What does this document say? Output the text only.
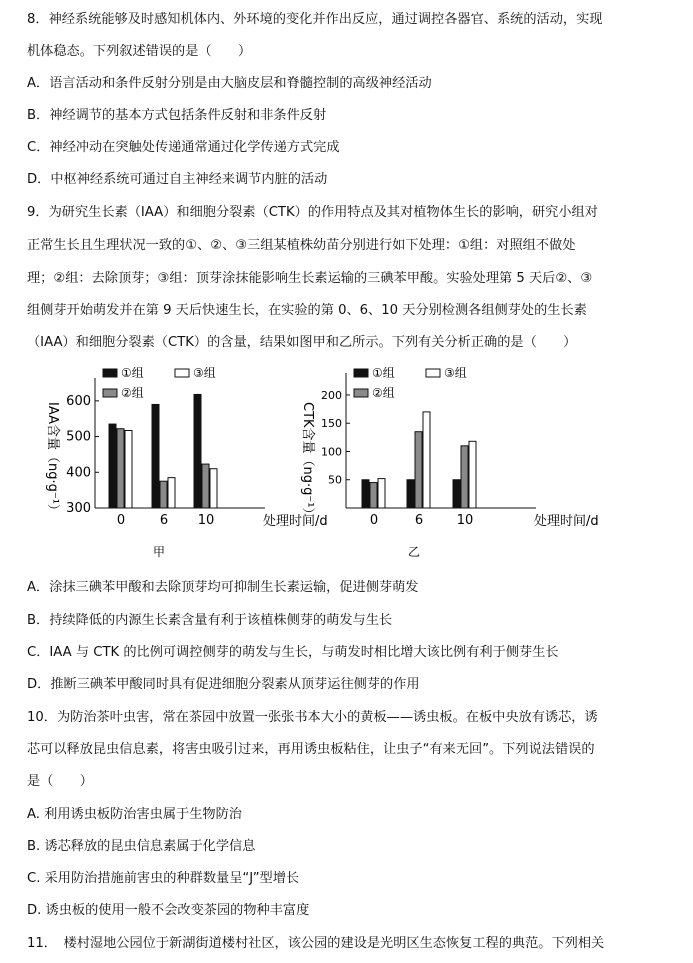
8．神经系统能够及时感知机体内、外环境的变化并作出反应，通过调控各器官、系统的活动，实现
机体稳态。下列叙述错误的是（　　）
A．语言活动和条件反射分别是由大脑皮层和脊髓控制的高级神经活动
B．神经调节的基本方式包括条件反射和非条件反射
C．神经冲动在突触处传递通常通过化学传递方式完成
D．中枢神经系统可通过自主神经来调节内脏的活动
9．为研究生长素（IAA）和细胞分裂素（CTK）的作用特点及其对植物体生长的影响，研究小组对
正常生长且生理状况一致的①、②、③三组某植株幼苗分别进行如下处理：①组：对照组不做处
理；②组：去除顶芽；③组：顶芽涂抹能影响生长素运输的三碘苯甲酸。实验处理第 5 天后②、③
组侧芽开始萌发并在第 9 天后快速生长，在实验的第 0、6、10 天分别检测各组侧芽处的生长素
（IAA）和细胞分裂素（CTK）的含量，结果如图甲和乙所示。下列有关分析正确的是（　　）
300
400
500
600
0	6 10	处理时间/d
IAA含量（ng·g⁻¹）
①组	③组
②组
甲
50
100
150
200
0	6	10	处理时间/d
CTK含量（ng·g⁻¹）
①组	③组
②组
乙
A．涂抹三碘苯甲酸和去除顶芽均可抑制生长素运输，促进侧芽萌发
B．持续降低的内源生长素含量有利于该植株侧芽的萌发与生长
C．IAA 与 CTK 的比例可调控侧芽的萌发与生长，与萌发时相比增大该比例有利于侧芽生长
D．推断三碘苯甲酸同时具有促进细胞分裂素从顶芽运往侧芽的作用
10．为防治茶叶虫害，常在茶园中放置一张张书本大小的黄板——诱虫板。在板中央放有诱芯，诱
芯可以释放昆虫信息素，将害虫吸引过来，再用诱虫板粘住，让虫子“有来无回”。下列说法错误的
是（　　）
A. 利用诱虫板防治害虫属于生物防治
B. 诱芯释放的昆虫信息素属于化学信息
C. 采用防治措施前害虫的种群数量呈“J”型增长
D. 诱虫板的使用一般不会改变茶园的物种丰富度
11．　楼村湿地公园位于新湖街道楼村社区，该公园的建设是光明区生态恢复工程的典范。下列相关
